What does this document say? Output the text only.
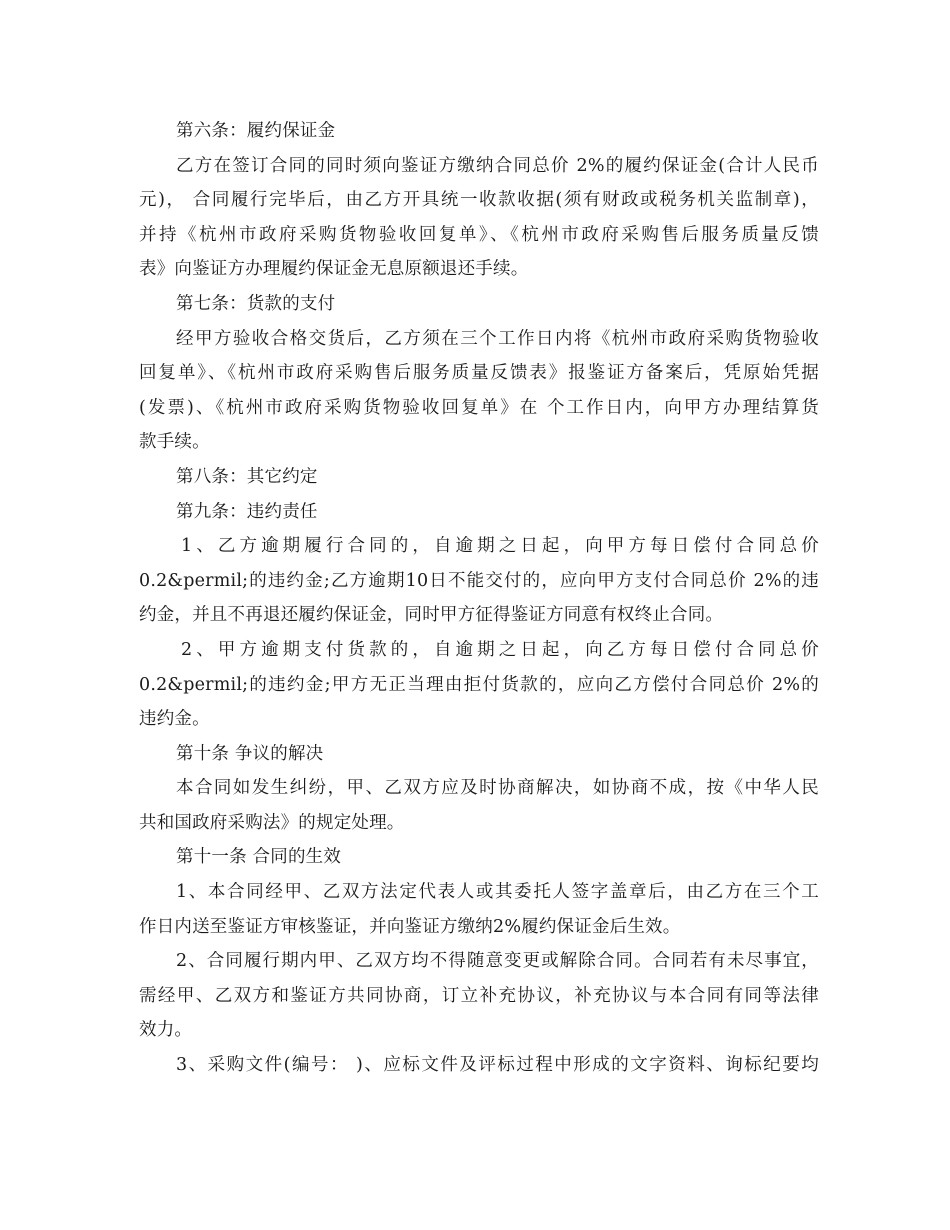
第六条：履约保证金
乙方在签订合同的同时须向鉴证方缴纳合同总价 2%的履约保证金(合计人民币
元)， 合同履行完毕后，由乙方开具统一收款收据(须有财政或税务机关监制章)，
并持《杭州市政府采购货物验收回复单》、《杭州市政府采购售后服务质量反馈
表》向鉴证方办理履约保证金无息原额退还手续。
第七条：货款的支付
经甲方验收合格交货后，乙方须在三个工作日内将《杭州市政府采购货物验收
回复单》、《杭州市政府采购售后服务质量反馈表》报鉴证方备案后，凭原始凭据
(发票)、《杭州市政府采购货物验收回复单》在 个工作日内，向甲方办理结算货
款手续。
第八条：其它约定
第九条：违约责任
1、乙方逾期履行合同的，自逾期之日起，向甲方每日偿付合同总价
0.2&permil;的违约金;乙方逾期10日不能交付的，应向甲方支付合同总价 2%的违
约金，并且不再退还履约保证金，同时甲方征得鉴证方同意有权终止合同。
2、甲方逾期支付货款的，自逾期之日起，向乙方每日偿付合同总价
0.2&permil;的违约金;甲方无正当理由拒付货款的，应向乙方偿付合同总价 2%的
违约金。
第十条 争议的解决
本合同如发生纠纷，甲、乙双方应及时协商解决，如协商不成，按《中华人民
共和国政府采购法》的规定处理。
第十一条 合同的生效
1、本合同经甲、乙双方法定代表人或其委托人签字盖章后，由乙方在三个工
作日内送至鉴证方审核鉴证，并向鉴证方缴纳2%履约保证金后生效。
2、合同履行期内甲、乙双方均不得随意变更或解除合同。合同若有未尽事宜，
需经甲、乙双方和鉴证方共同协商，订立补充协议，补充协议与本合同有同等法律
效力。
3、采购文件(编号： )、应标文件及评标过程中形成的文字资料、询标纪要均
